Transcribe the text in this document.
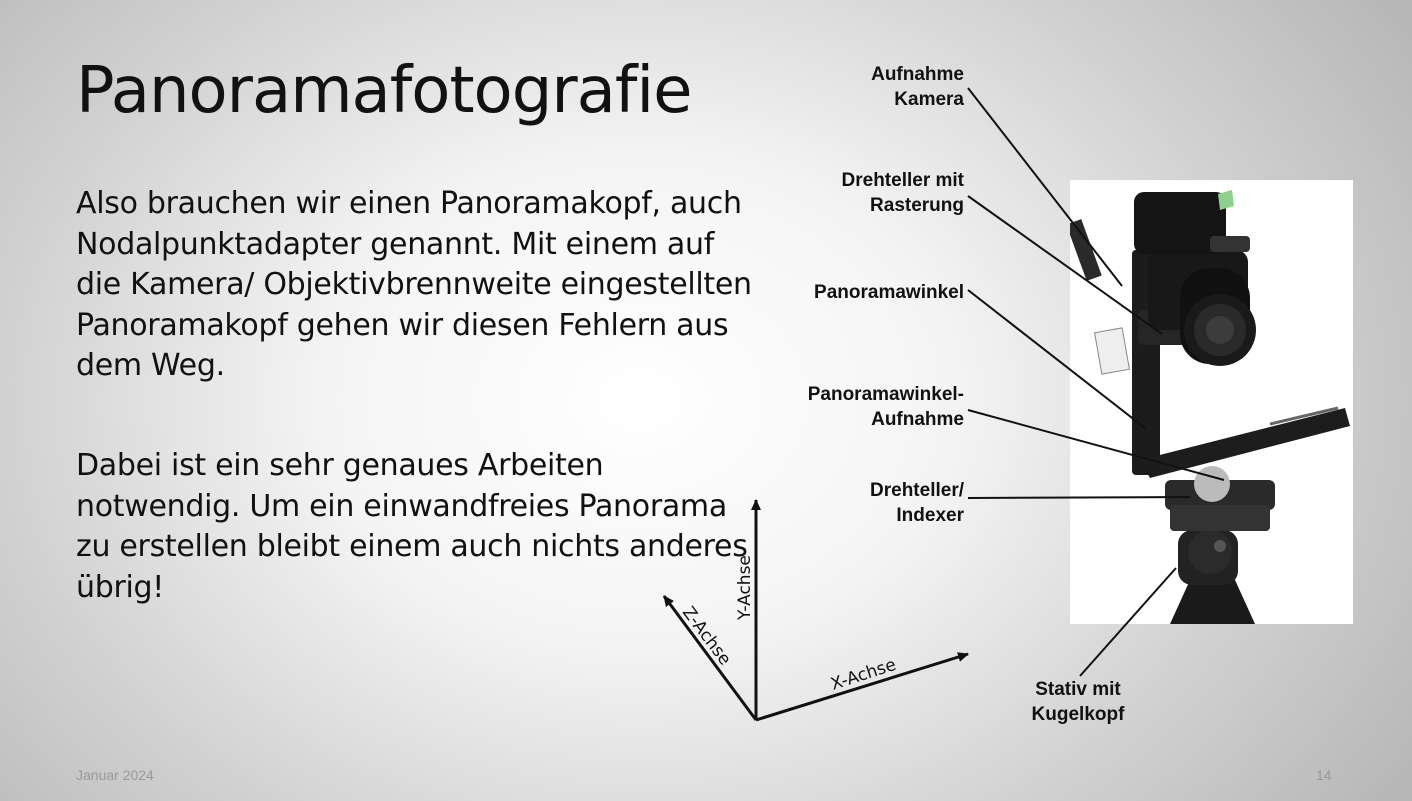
Panoramafotografie

Also brauchen wir einen Panoramakopf, auch Nodalpunktadapter genannt. Mit einem auf die Kamera/ Objektivbrennweite eingestellten Panoramakopf gehen wir diesen Fehlern aus dem Weg.

Dabei ist ein sehr genaues Arbeiten notwendig. Um ein einwandfreies Panorama zu erstellen bleibt einem auch nichts anderes übrig!

Aufnahme
Kamera
Drehteller mit
Rasterung
Panoramawinkel
Panoramawinkel-
Aufnahme
Drehteller/
Indexer
Stativ mit
Kugelkopf
Y-Achse
X-Achse
Z-Achse
Januar 2024	14
